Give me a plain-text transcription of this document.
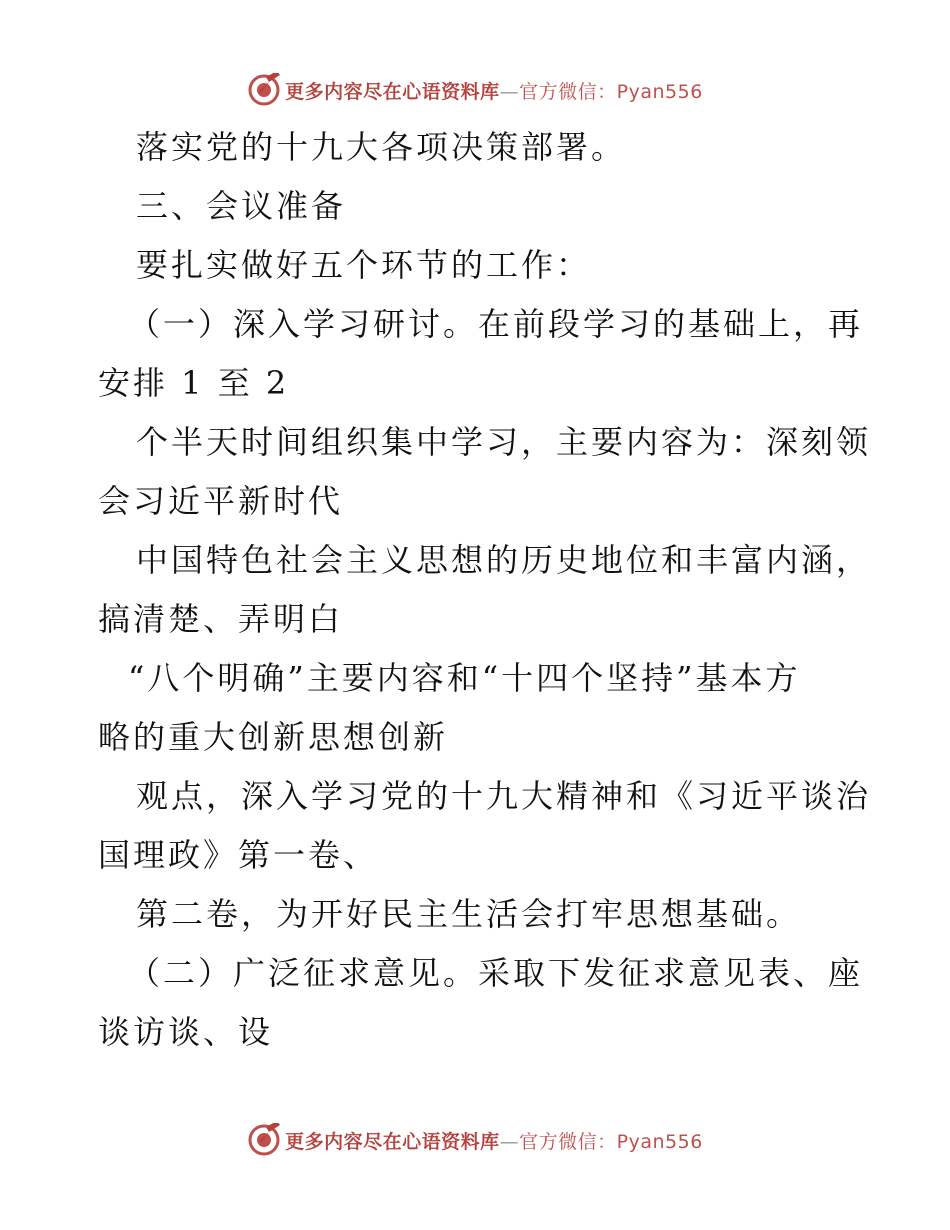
更多内容尽在心语资料库—官方微信：Pyan556
落实党的十九大各项决策部署。
三、会议准备
要扎实做好五个环节的工作：
（一）深入学习研讨。在前段学习的基础上，再
安排 1 至 2
个半天时间组织集中学习，主要内容为：深刻领
会习近平新时代
中国特色社会主义思想的历史地位和丰富内涵，
搞清楚、弄明白
“八个明确”主要内容和“十四个坚持”基本方
略的重大创新思想创新
观点，深入学习党的十九大精神和《习近平谈治
国理政》第一卷、
第二卷，为开好民主生活会打牢思想基础。
（二）广泛征求意见。采取下发征求意见表、座
谈访谈、设
更多内容尽在心语资料库—官方微信：Pyan556
